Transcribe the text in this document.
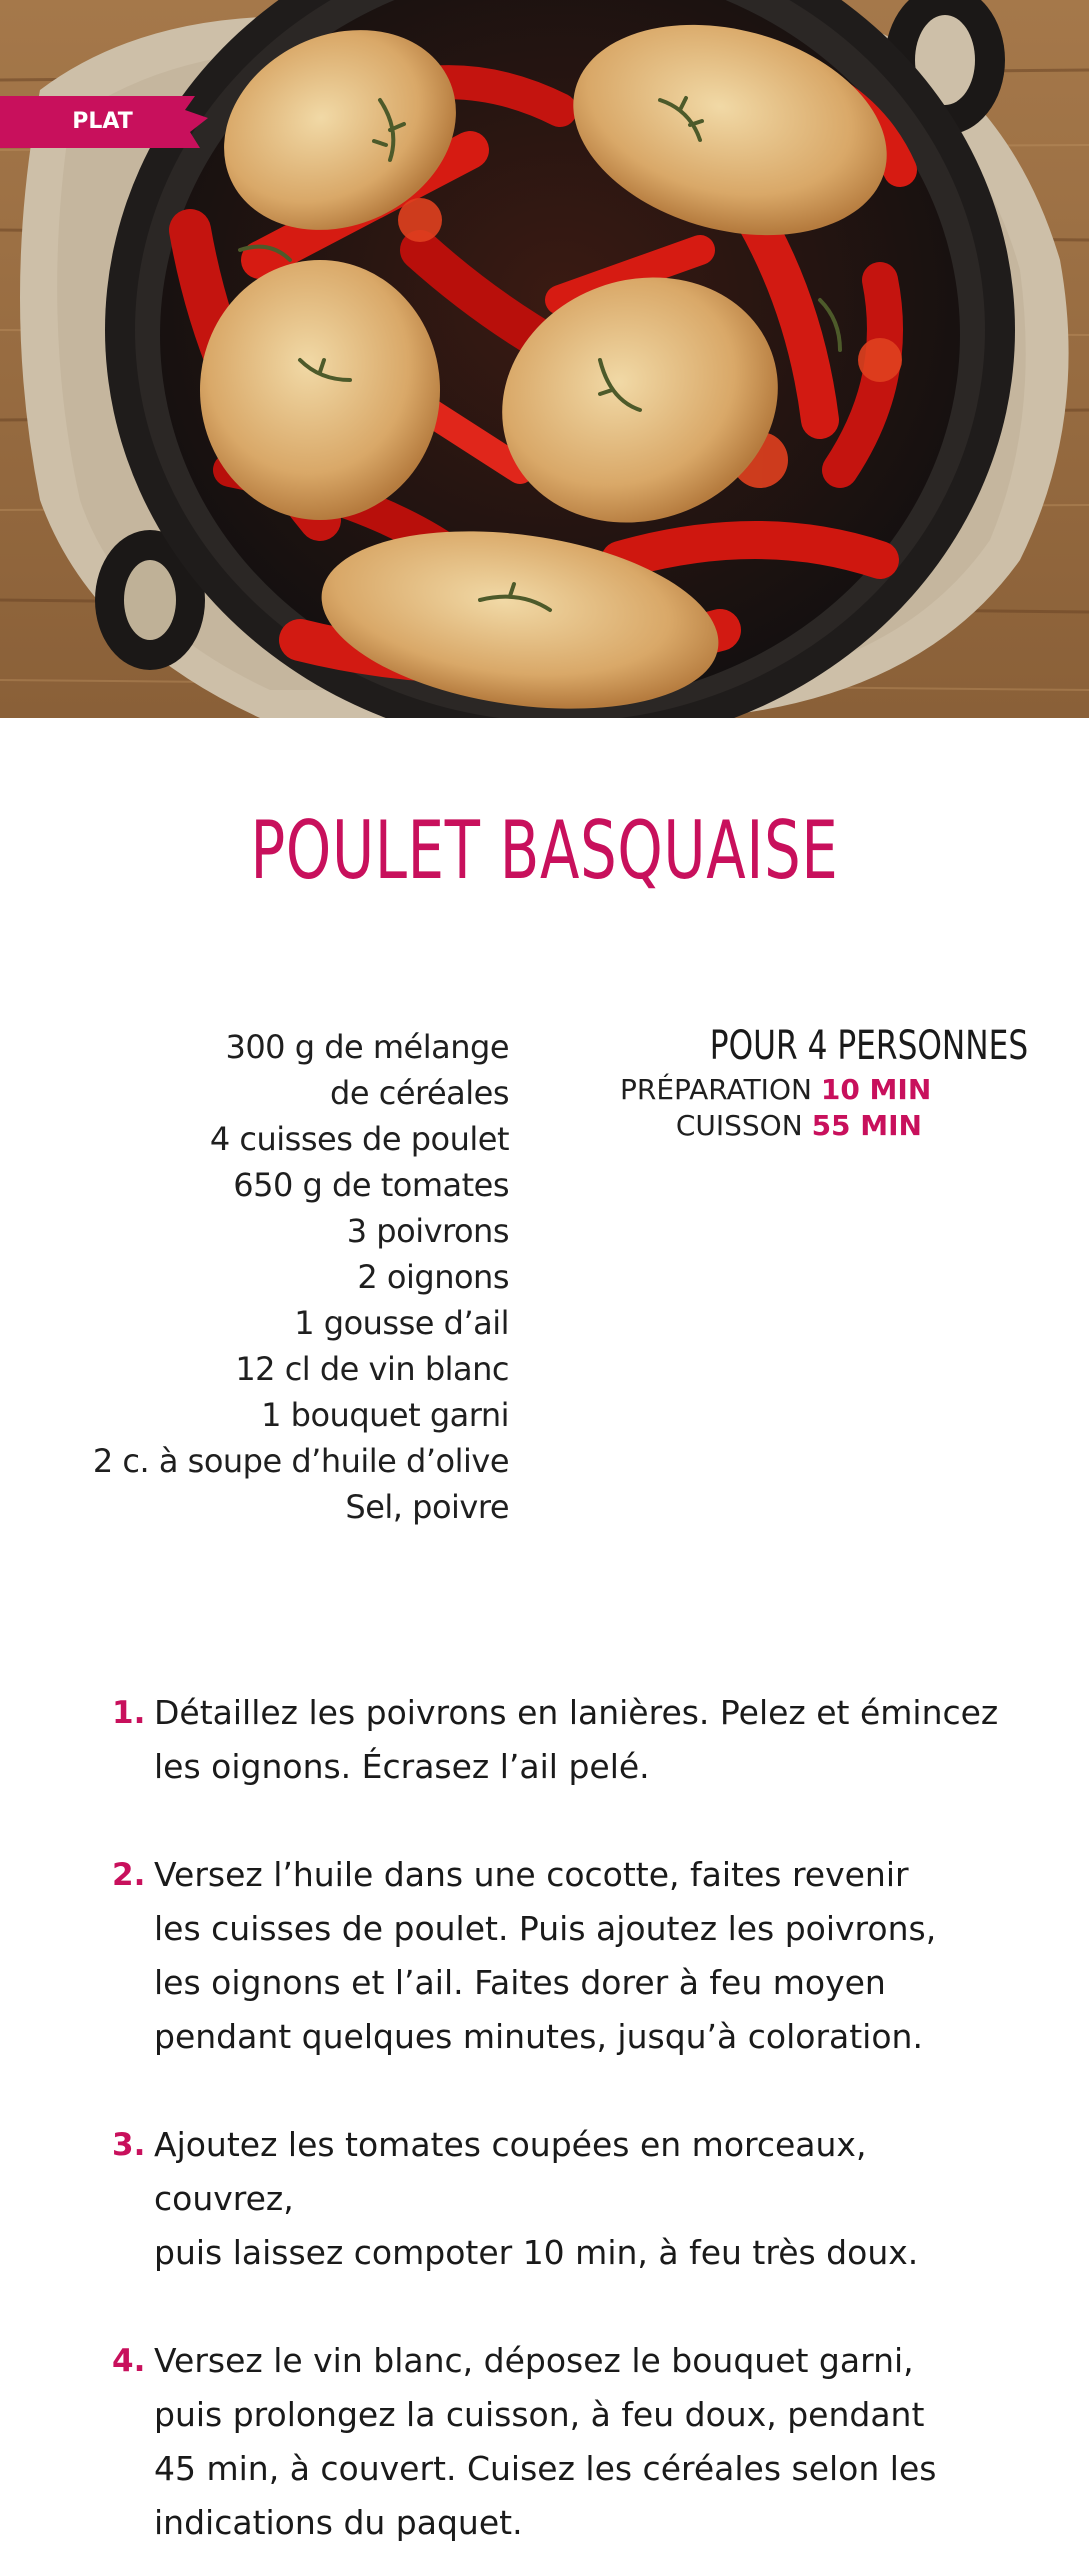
PLAT
POULET BASQUAISE
300 g de mélange
de céréales
4 cuisses de poulet
650 g de tomates
3 poivrons
2 oignons
1 gousse d’ail
12 cl de vin blanc
1 bouquet garni
2 c. à soupe d’huile d’olive
Sel, poivre
POUR 4 PERSONNES
PRÉPARATION 10 MIN
CUISSON 55 MIN
1. Détaillez les poivrons en lanières. Pelez et émincez
les oignons. Écrasez l’ail pelé.
2. Versez l’huile dans une cocotte, faites revenir
les cuisses de poulet. Puis ajoutez les poivrons,
les oignons et l’ail. Faites dorer à feu moyen
pendant quelques minutes, jusqu’à coloration.
3. Ajoutez les tomates coupées en morceaux, couvrez,
puis laissez compoter 10 min, à feu très doux.
4. Versez le vin blanc, déposez le bouquet garni,
puis prolongez la cuisson, à feu doux, pendant
45 min, à couvert. Cuisez les céréales selon les
indications du paquet.
